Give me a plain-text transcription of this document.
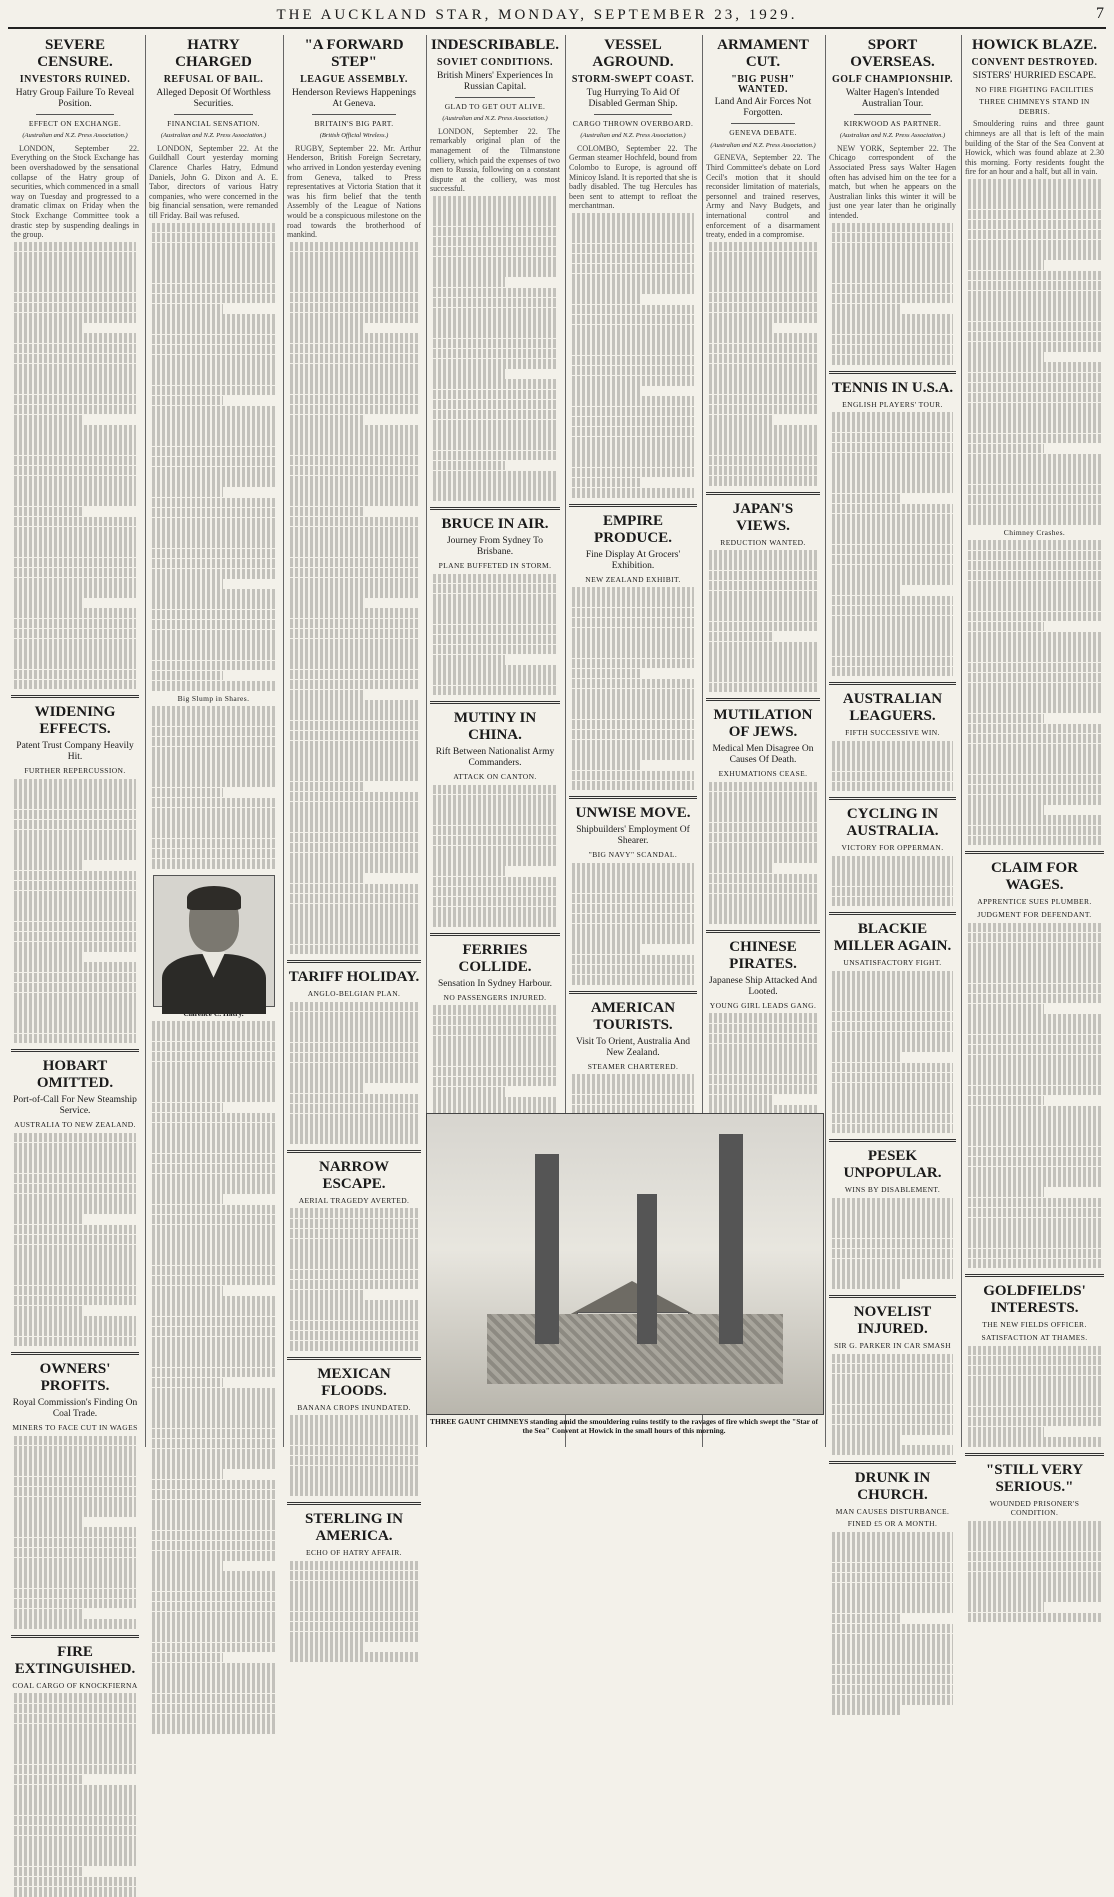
THE AUCKLAND STAR, MONDAY, SEPTEMBER 23, 1929.	7
SEVERE CENSURE.
INVESTORS RUINED.
Hatry Group Failure To Reveal Position.
EFFECT ON EXCHANGE.
(Australian and N.Z. Press Association.)

LONDON, September 22. Everything on the Stock Exchange has been overshadowed by the sensational collapse of the Hatry group of securities, which commenced in a small way on Tuesday and progressed to a dramatic climax on Friday when the Stock Exchange Committee took a drastic step by suspending dealings in the group.

WIDENING EFFECTS.
Patent Trust Company Heavily Hit.
FURTHER REPERCUSSION.
HOBART OMITTED.
Port-of-Call For New Steamship Service.
AUSTRALIA TO NEW ZEALAND.
OWNERS' PROFITS.
Royal Commission's Finding On Coal Trade.
MINERS TO FACE CUT IN WAGES
FIRE EXTINGUISHED.
COAL CARGO OF KNOCKFIERNA
HATRY CHARGED
REFUSAL OF BAIL.
Alleged Deposit Of Worthless Securities.
FINANCIAL SENSATION.
(Australian and N.Z. Press Association.)

LONDON, September 22. At the Guildhall Court yesterday morning Clarence Charles Hatry, Edmund Daniels, John G. Dixon and A. E. Tabor, directors of various Hatry companies, who were concerned in the big financial sensation, were remanded till Friday. Bail was refused.

Big Slump in Shares.
"A FORWARD STEP"
LEAGUE ASSEMBLY.
Henderson Reviews Happenings At Geneva.
BRITAIN'S BIG PART.
(British Official Wireless.)

RUGBY, September 22. Mr. Arthur Henderson, British Foreign Secretary, who arrived in London yesterday evening from Geneva, talked to Press representatives at Victoria Station that it was his firm belief that the tenth Assembly of the League of Nations would be a conspicuous milestone on the road towards the brotherhood of mankind.

TARIFF HOLIDAY.
ANGLO-BELGIAN PLAN.
NARROW ESCAPE.
AERIAL TRAGEDY AVERTED.
MEXICAN FLOODS.
BANANA CROPS INUNDATED.
STERLING IN AMERICA.
ECHO OF HATRY AFFAIR.
INDESCRIBABLE.
SOVIET CONDITIONS.
British Miners' Experiences In Russian Capital.
GLAD TO GET OUT ALIVE.
(Australian and N.Z. Press Association.)

LONDON, September 22. The remarkably original plan of the management of the Tilmanstone colliery, which paid the expenses of two men to Russia, following on a constant dispute at the colliery, was most successful.

BRUCE IN AIR.
Journey From Sydney To Brisbane.
PLANE BUFFETED IN STORM.
MUTINY IN CHINA.
Rift Between Nationalist Army Commanders.
ATTACK ON CANTON.
FERRIES COLLIDE.
Sensation In Sydney Harbour.
NO PASSENGERS INJURED.
VESSEL AGROUND.
STORM-SWEPT COAST.
Tug Hurrying To Aid Of Disabled German Ship.
CARGO THROWN OVERBOARD.
(Australian and N.Z. Press Association.)

COLOMBO, September 22. The German steamer Hochfeld, bound from Colombo to Europe, is aground off Minicoy Island. It is reported that she is badly disabled. The tug Hercules has been sent to attempt to refloat the merchantman.

EMPIRE PRODUCE.
Fine Display At Grocers' Exhibition.
NEW ZEALAND EXHIBIT.
UNWISE MOVE.
Shipbuilders' Employment Of Shearer.
"BIG NAVY" SCANDAL.
AMERICAN TOURISTS.
Visit To Orient, Australia And New Zealand.
STEAMER CHARTERED.
ARMAMENT CUT.
"BIG PUSH" WANTED.
Land And Air Forces Not Forgotten.
GENEVA DEBATE.
(Australian and N.Z. Press Association.)

GENEVA, September 22. The Third Committee's debate on Lord Cecil's motion that it should reconsider limitation of materials, personnel and trained reserves, Army and Navy Budgets, and international control and enforcement of a disarmament treaty, ended in a compromise.

JAPAN'S VIEWS.
REDUCTION WANTED.
MUTILATION OF JEWS.
Medical Men Disagree On Causes Of Death.
EXHUMATIONS CEASE.
CHINESE PIRATES.
Japanese Ship Attacked And Looted.
YOUNG GIRL LEADS GANG.
SPORT OVERSEAS.
GOLF CHAMPIONSHIP.
Walter Hagen's Intended Australian Tour.
KIRKWOOD AS PARTNER.
(Australian and N.Z. Press Association.)

NEW YORK, September 22. The Chicago correspondent of the Associated Press says Walter Hagen often has advised him on the tee for a match, but when he appears on the Australian links this winter it will be just one year later than he originally intended.

TENNIS IN U.S.A.
ENGLISH PLAYERS' TOUR.
AUSTRALIAN LEAGUERS.
FIFTH SUCCESSIVE WIN.
CYCLING IN AUSTRALIA.
VICTORY FOR OPPERMAN.
BLACKIE MILLER AGAIN.
UNSATISFACTORY FIGHT.
PESEK UNPOPULAR.
WINS BY DISABLEMENT.
NOVELIST INJURED.
SIR G. PARKER IN CAR SMASH
DRUNK IN CHURCH.
MAN CAUSES DISTURBANCE.
FINED £5 OR A MONTH.
HOWICK BLAZE.
CONVENT DESTROYED.
SISTERS' HURRIED ESCAPE.
NO FIRE FIGHTING FACILITIES
THREE CHIMNEYS STAND IN DEBRIS.

Smouldering ruins and three gaunt chimneys are all that is left of the main building of the Star of the Sea Convent at Howick, which was found ablaze at 2.30 this morning. Forty residents fought the fire for an hour and a half, but all in vain.

Chimney Crashes.
CLAIM FOR WAGES.
APPRENTICE SUES PLUMBER.
JUDGMENT FOR DEFENDANT.
GOLDFIELDS' INTERESTS.
THE NEW FIELDS OFFICER.
SATISFACTION AT THAMES.
"STILL VERY SERIOUS."
WOUNDED PRISONER'S CONDITION.
THREE GAUNT CHIMNEYS standing amid the smouldering ruins testify to the ravages of fire which swept the "Star of the Sea" Convent at Howick in the small hours of this morning.
